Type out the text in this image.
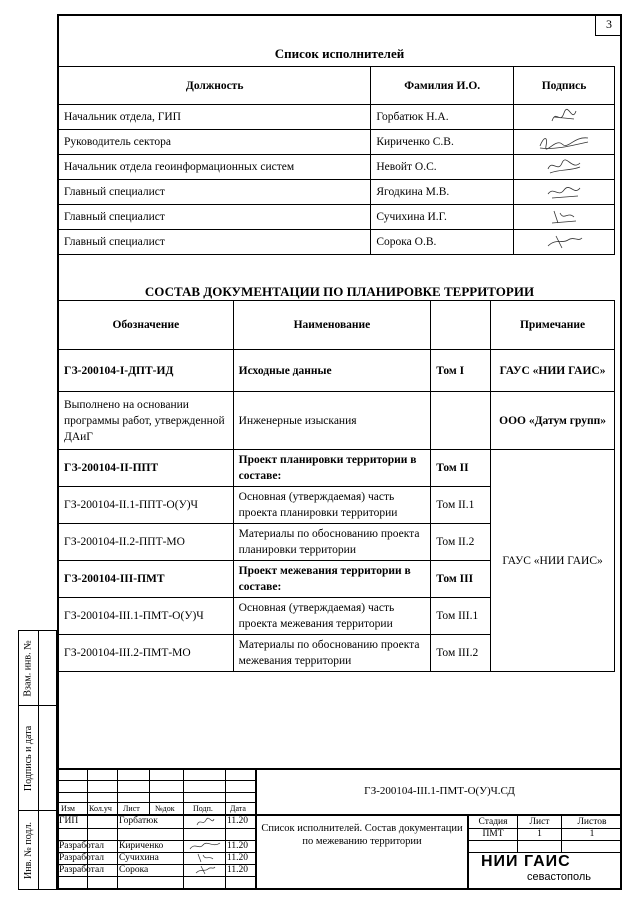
3
Список исполнителей
Должность	Фамилия И.О.	Подпись
Начальник отдела, ГИП	Горбатюк Н.А.	

Руководитель сектора	Кириченко С.В.	

Начальник отдела геоинформационных систем	Невойт О.С.	

Главный специалист	Ягодкина М.В.	

Главный специалист	Сучихина И.Г.	

Главный специалист	Сорока О.В.	
СОСТАВ ДОКУМЕНТАЦИИ ПО ПЛАНИРОВКЕ ТЕРРИТОРИИ
Обозначение	Наименование		Примечание
ГЗ-200104-I-ДПТ-ИД	Исходные данные	Том I	ГАУС «НИИ ГАИС»
Выполнено на основании программы работ, утвержденной ДАиГ	Инженерные изыскания		ООО «Датум групп»
ГЗ-200104-II-ППТ	Проект планировки территории в составе:	Том II	ГАУС «НИИ ГАИС»
ГЗ-200104-II.1-ППТ-О(У)Ч	Основная (утверждаемая) часть проекта планировки территории	Том II.1	
ГЗ-200104-II.2-ППТ-МО	Материалы по обоснованию проекта планировки территории	Том II.2	
ГЗ-200104-III-ПМТ	Проект межевания территории в составе:	Том III	
ГЗ-200104-III.1-ПМТ-О(У)Ч	Основная (утверждаемая) часть проекта межевания территории	Том III.1	
ГЗ-200104-III.2-ПМТ-МО	Материалы по обоснованию проекта межевания территории	Том III.2	
Взам. инв. №
Подпись и дата
Инв. № подл.
ГЗ-200104-III.1-ПМТ-О(У)Ч.СД
Изм Кол.уч Лист №док Подп. Дата
ГИП	Горбатюк	11.20
Разработал Кириченко	11.20
Разработал Сучихина	11.20
Разработал Сорока	11.20
Список исполнителей. Состав документации по межеванию территории
Стадия	Лист	Листов
ПМТ	1	1
НИИ ГАИС
севастополь
